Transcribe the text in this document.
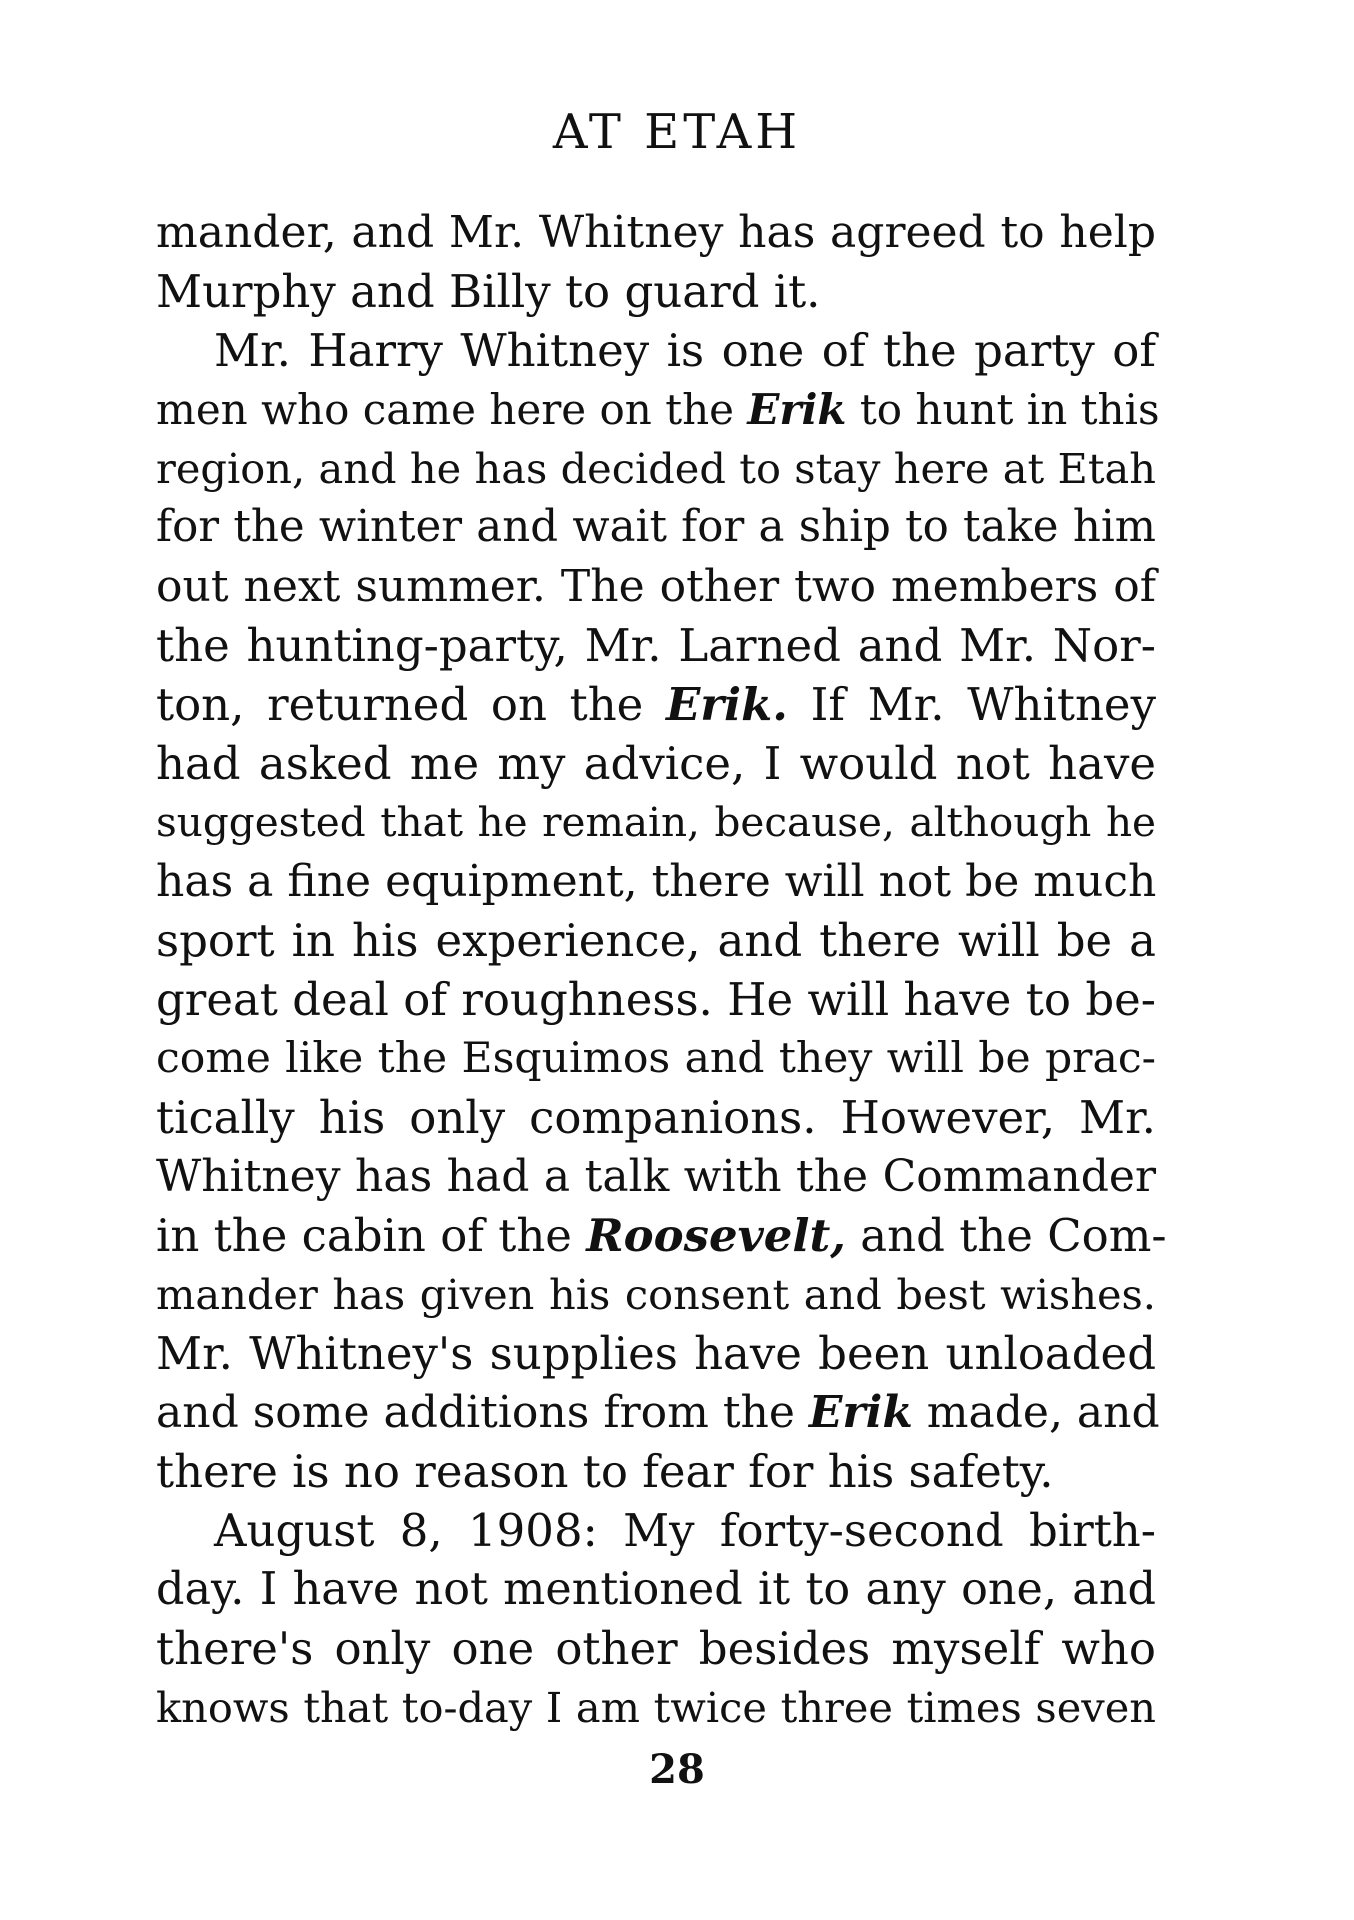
AT ETAH
mander, and Mr. Whitney has agreed to help
Murphy and Billy to guard it.
Mr. Harry Whitney is one of the party of
men who came here on the Erik to hunt in this
region, and he has decided to stay here at Etah
for the winter and wait for a ship to take him
out next summer. The other two members of
the hunting-party, Mr. Larned and Mr. Nor-
ton, returned on the Erik. If Mr. Whitney
had asked me my advice, I would not have
suggested that he remain, because, although he
has a fine equipment, there will not be much
sport in his experience, and there will be a
great deal of roughness. He will have to be-
come like the Esquimos and they will be prac-
tically his only companions. However, Mr.
Whitney has had a talk with the Commander
in the cabin of the Roosevelt, and the Com-
mander has given his consent and best wishes.
Mr. Whitney's supplies have been unloaded
and some additions from the Erik made, and
there is no reason to fear for his safety.
August 8, 1908: My forty-second birth-
day. I have not mentioned it to any one, and
there's only one other besides myself who
knows that to-day I am twice three times seven
28
